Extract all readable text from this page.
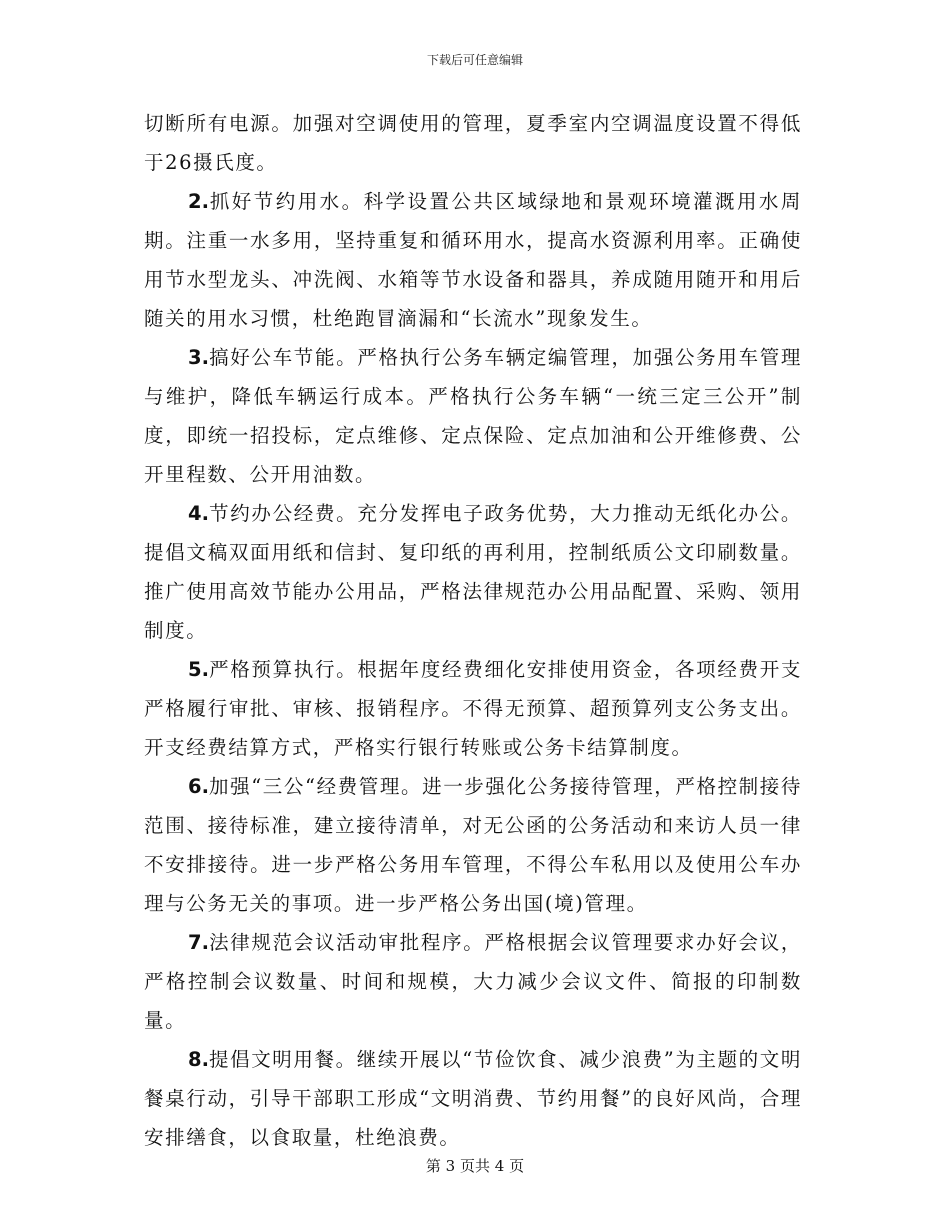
下载后可任意编辑

切断所有电源。加强对空调使用的管理，夏季室内空调温度设置不得低于26摄氏度。

2.抓好节约用水。科学设置公共区域绿地和景观环境灌溉用水周期。注重一水多用，坚持重复和循环用水，提高水资源利用率。正确使用节水型龙头、冲洗阀、水箱等节水设备和器具，养成随用随开和用后随关的用水习惯，杜绝跑冒滴漏和“长流水”现象发生。

3.搞好公车节能。严格执行公务车辆定编管理，加强公务用车管理与维护，降低车辆运行成本。严格执行公务车辆“一统三定三公开”制度，即统一招投标，定点维修、定点保险、定点加油和公开维修费、公开里程数、公开用油数。

4.节约办公经费。充分发挥电子政务优势，大力推动无纸化办公。提倡文稿双面用纸和信封、复印纸的再利用，控制纸质公文印刷数量。推广使用高效节能办公用品，严格法律规范办公用品配置、采购、领用制度。

5.严格预算执行。根据年度经费细化安排使用资金，各项经费开支严格履行审批、审核、报销程序。不得无预算、超预算列支公务支出。开支经费结算方式，严格实行银行转账或公务卡结算制度。

6.加强“三公“经费管理。进一步强化公务接待管理，严格控制接待范围、接待标准，建立接待清单，对无公函的公务活动和来访人员一律不安排接待。进一步严格公务用车管理，不得公车私用以及使用公车办理与公务无关的事项。进一步严格公务出国(境)管理。

7.法律规范会议活动审批程序。严格根据会议管理要求办好会议，严格控制会议数量、时间和规模，大力减少会议文件、简报的印制数量。

8.提倡文明用餐。继续开展以“节俭饮食、减少浪费”为主题的文明餐桌行动，引导干部职工形成“文明消费、节约用餐”的良好风尚，合理安排缮食，以食取量，杜绝浪费。

第 3 页共 4 页
